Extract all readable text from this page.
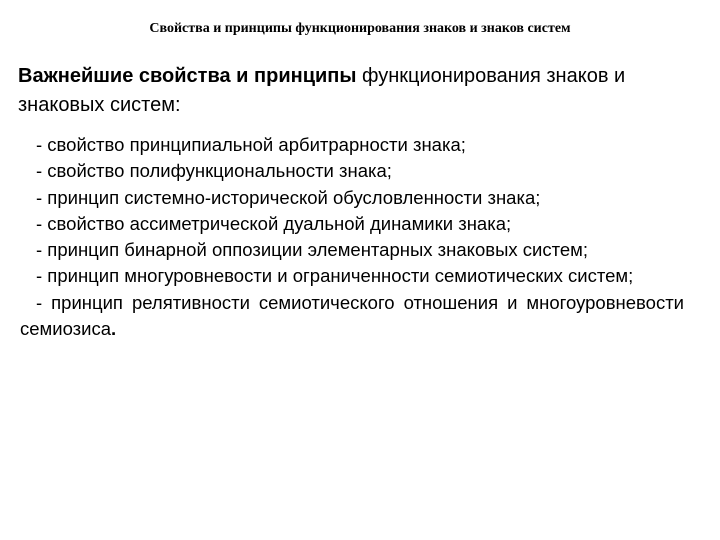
Свойства и принципы функционирования знаков и знаков систем
Важнейшие свойства и принципы функционирования знаков и знаковых систем:
- свойство принципиальной арбитрарности знака;
- свойство полифункциональности знака;
- принцип системно-исторической обусловленности знака;
- свойство ассиметрической дуальной динамики знака;
- принцип бинарной оппозиции элементарных знаковых систем;
- принцип многуровневости и ограниченности семиотических систем;
- принцип релятивности семиотического отношения и многоуровневости семиозиса.
